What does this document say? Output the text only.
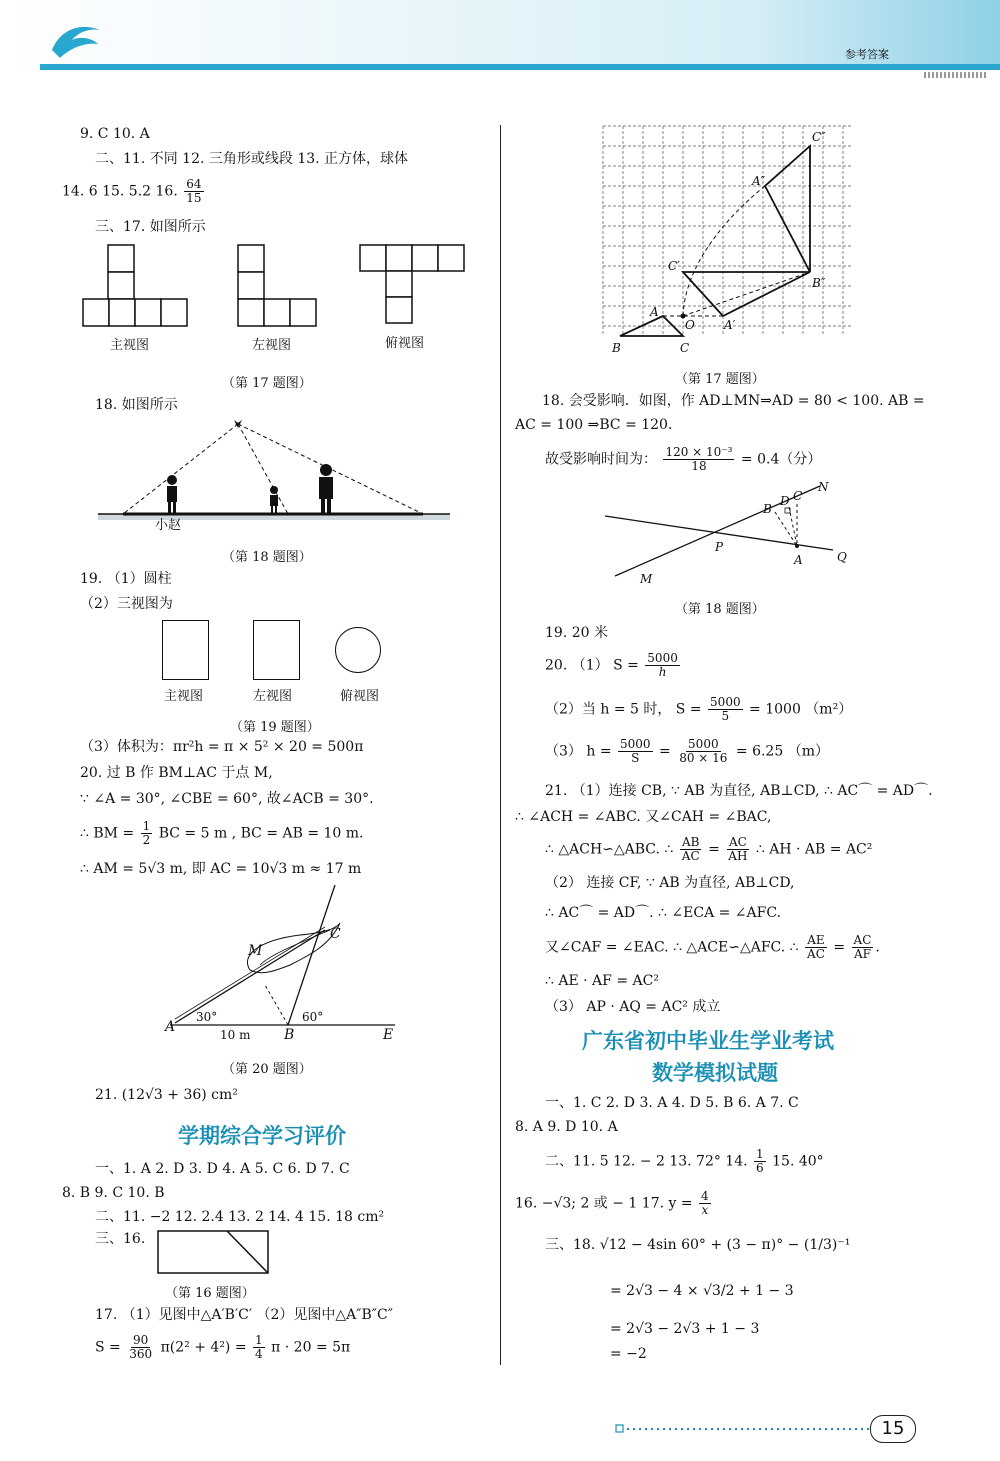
参考答案
9. C 10. A
二、11. 不同 12. 三角形或线段 13. 正方体，球体
14. 6 15. 5.2 16. $\frac{64}{15}$
三、17. 如图所示
主视图	左视图	俯视图
（第 17 题图）
18. 如图所示
小赵
（第 18 题图）
19. （1）圆柱
（2）三视图为
主视图	左视图	俯视图
（第 19 题图）
（3）体积为：πr²h = π × 5² × 20 = 500π
20. 过 B 作 BM⊥AC 于点 M,
∵ ∠A = 30°, ∠CBE = 60°, 故∠ACB = 30°.
∴ BM = $\frac{1}{2}$ BC = 5 m , BC = AB = 10 m.
∴ AM = 5√3 m, 即 AC = 10√3 m ≈ 17 m
M
C
A
30°
10 m B
60°
E
（第 20 题图）
21. (12√3 + 36) cm²
学期综合学习评价
一、1. A 2. D 3. D 4. A 5. C 6. D 7. C
8. B 9. C 10. B
二、11. −2 12. 2.4 13. 2 14. 4 15. 18 cm²
三、16.
（第 16 题图）
17. （1）见图中△A′B′C′ （2）见图中△A″B″C″
$S = \frac{90}{360} \pi(2^2 + 4^2) = \frac{1}{4}$ π · 20 = 5π
C″
A″
C′
B″
A
O A′
B	C
（第 17 题图）
18. 会受影响．如图，作 AD⊥MN⇒AD = 80 < 100. AB =
AC = 100 ⇒BC = 120.
故受影响时间为： $\frac{\text{120 × 10⁻³}}{18} = 0.4$（分）
B
D C
N
P
A	Q
M
（第 18 题图）
19. 20 米
20. （1） $S = \frac{5000}{h}$
（2）当 h = 5 时， $S = \frac{5000}{5} = 1000$ （m²）
（3） $h = \frac{5000}{S} = \frac{5000}{80 \times 16} = 6.25$ （m）
21. （1）连接 CB, ∵ AB 为直径, AB⊥CD, ∴ AC⌒ = AD⌒.
∴ ∠ACH = ∠ABC. 又∠CAH = ∠BAC,
∴ △ACH∽△ABC. ∴ $\frac{AB}{AC} = \frac{AC}{AH}$ ∴ AH · AB = AC²
（2） 连接 CF, ∵ AB 为直径, AB⊥CD,
∴ AC⌒ = AD⌒. ∴ ∠ECA = ∠AFC.
又∠CAF = ∠EAC. ∴ △ACE∽△AFC. ∴ $\frac{AE}{AC} = \frac{AC}{AF}$ .
∴ AE · AF = AC²
（3） AP · AQ = AC² 成立
广东省初中毕业生学业考试
数学模拟试题
一、1. C 2. D 3. A 4. D 5. B 6. A 7. C
8. A 9. D 10. A
二、11. 5 12. − 2 13. 72° 14. $\frac{1}{6} 15$. 40°
16. −√3; 2 或 − 1 17. $y = \frac{4}{x}$
三、18. √12 − 4sin 60° + (3 − π)° − (1/3)⁻¹
= 2√3 − 4 × √3/2 + 1 − 3
= 2√3 − 2√3 + 1 − 3
= −2
15
